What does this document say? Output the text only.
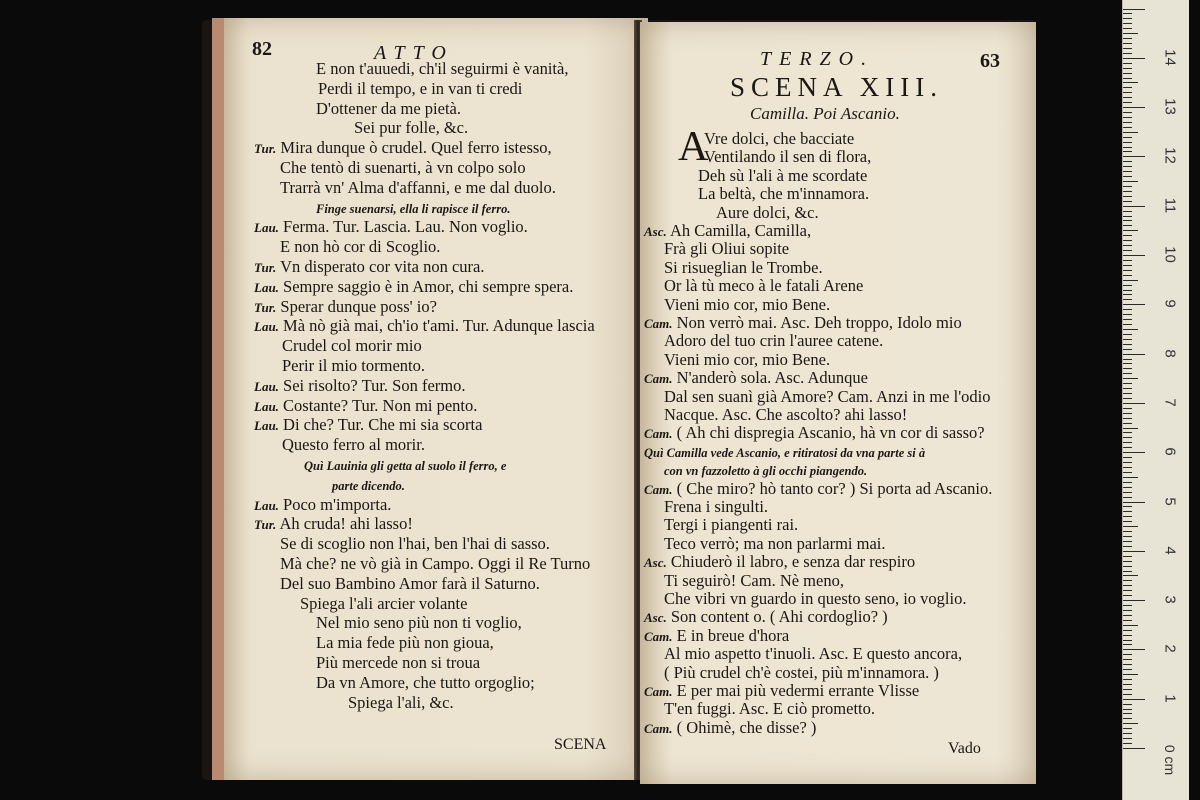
82	ATTO
E non t'auuedi, ch'il seguirmi è vanità,
Perdi il tempo, e in van ti credi
D'ottener da me pietà.
Sei pur folle, &c.
Tur. Mira dunque ò crudel. Quel ferro istesso,
Che tentò di suenarti, à vn colpo solo
Trarrà vn' Alma d'affanni, e me dal duolo.
Finge suenarsi, ella li rapisce il ferro.
Lau. Ferma. Tur. Lascia. Lau. Non voglio.
E non hò cor di Scoglio.
Tur. Vn disperato cor vita non cura.
Lau. Sempre saggio è in Amor, chi sempre spera.
Tur. Sperar dunque poss' io?
Lau. Mà nò già mai, ch'io t'ami. Tur. Adunque lascia
Crudel col morir mio
Perir il mio tormento.
Lau. Sei risolto? Tur. Son fermo.
Lau. Costante? Tur. Non mi pento.
Lau. Di che? Tur. Che mi sia scorta
Questo ferro al morir.
Quì Lauinia gli getta al suolo il ferro, e
parte dicendo.
Lau. Poco m'importa.
Tur. Ah cruda! ahi lasso!
Se di scoglio non l'hai, ben l'hai di sasso.
Mà che? ne vò già in Campo. Oggi il Re Turno
Del suo Bambino Amor farà il Saturno.
Spiega l'ali arcier volante
Nel mio seno più non ti voglio,
La mia fede più non gioua,
Più mercede non si troua
Da vn Amore, che tutto orgoglio;
Spiega l'ali, &c.
SCENA
TERZO.	63
SCENA XIII.
Camilla. Poi Ascanio.
A
Vre dolci, che bacciate
Ventilando il sen di flora,
Deh sù l'ali à me scordate
La beltà, che m'innamora.
Aure dolci, &c.
Asc. Ah Camilla, Camilla,
Frà gli Oliui sopite
Si risueglian le Trombe.
Or là tù meco à le fatali Arene
Vieni mio cor, mio Bene.
Cam. Non verrò mai. Asc. Deh troppo, Idolo mio
Adoro del tuo crin l'auree catene.
Vieni mio cor, mio Bene.
Cam. N'anderò sola. Asc. Adunque
Dal sen suanì già Amore? Cam. Anzi in me l'odio
Nacque. Asc. Che ascolto? ahi lasso!
Cam. ( Ah chi dispregia Ascanio, hà vn cor di sasso?
Quì Camilla vede Ascanio, e ritiratosi da vna parte si à
con vn fazzoletto à gli occhi piangendo.
Cam. ( Che miro? hò tanto cor? ) Si porta ad Ascanio.
Frena i singulti.
Tergi i piangenti rai.
Teco verrò; ma non parlarmi mai.
Asc. Chiuderò il labro, e senza dar respiro
Ti seguirò! Cam. Nè meno,
Che vibri vn guardo in questo seno, io voglio.
Asc. Son content o. ( Ahi cordoglio? )
Cam. E in breue d'hora
Al mio aspetto t'inuoli. Asc. E questo ancora,
( Più crudel ch'è costei, più m'innamora. )
Cam. E per mai più vedermi errante Vlisse
T'en fuggi. Asc. E ciò prometto.
Cam. ( Ohimè, che disse? )
Vado	0 cm
1
2
3
4
5
6
7
8
9
10
11
12
13
14
